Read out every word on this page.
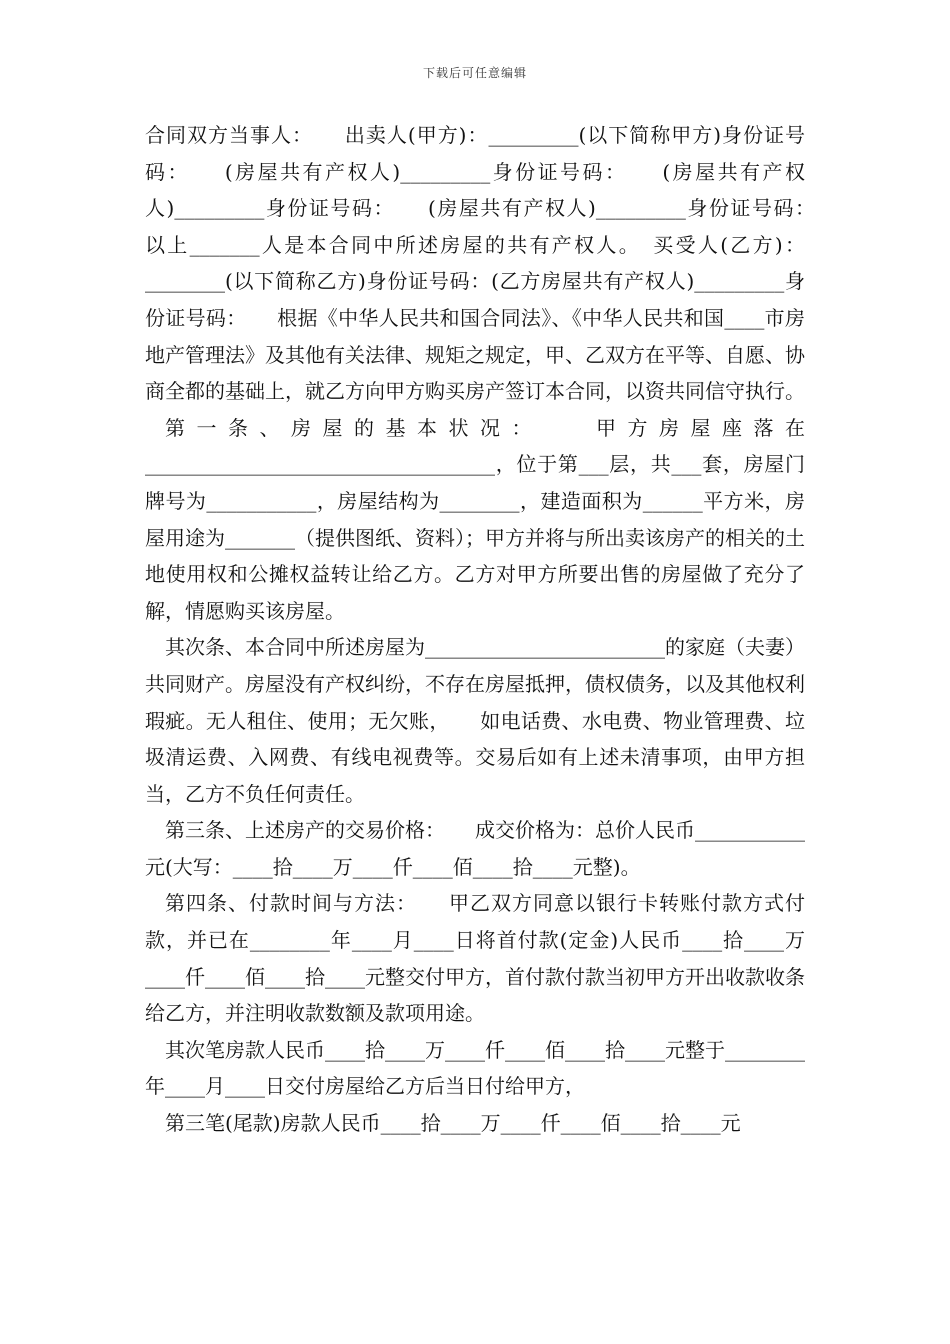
下载后可任意编辑

合同双方当事人：　　出卖人(甲方)：_________(以下简称甲方)身份证号码：　　(房屋共有产权人)_________身份证号码：　　(房屋共有产权人)_________身份证号码：　　(房屋共有产权人)_________身份证号码：　　以上_______人是本合同中所述房屋的共有产权人。　买受人(乙方)：________(以下简称乙方)身份证号码：(乙方房屋共有产权人)_________身份证号码：　　根据《中华人民共和国合同法》、《中华人民共和国____市房地产管理法》及其他有关法律、规矩之规定，甲、乙双方在平等、自愿、协商全都的基础上，就乙方向甲方购买房产签订本合同，以资共同信守执行。

第一条、房屋的基本状况：　　甲方房屋座落在___________________________________，位于第___层，共___套，房屋门牌号为___________，房屋结构为________，建造面积为______平方米，房屋用途为_______（提供图纸、资料）；甲方并将与所出卖该房产的相关的土地使用权和公摊权益转让给乙方。乙方对甲方所要出售的房屋做了充分了解，情愿购买该房屋。

其次条、本合同中所述房屋为________________________的家庭（夫妻）共同财产。房屋没有产权纠纷，不存在房屋抵押，债权债务，以及其他权利瑕疵。无人租住、使用；无欠账，　　如电话费、水电费、物业管理费、垃圾清运费、入网费、有线电视费等。交易后如有上述未清事项，由甲方担当，乙方不负任何责任。

第三条、上述房产的交易价格：　　成交价格为：总价人民币___________元(大写：____拾____万____仟____佰____拾____元整)。

第四条、付款时间与方法：　　甲乙双方同意以银行卡转账付款方式付款，并已在________年____月____日将首付款(定金)人民币____拾____万____仟____佰____拾____元整交付甲方，首付款付款当初甲方开出收款收条给乙方，并注明收款数额及款项用途。

其次笔房款人民币____拾____万____仟____佰____拾____元整于________年____月____日交付房屋给乙方后当日付给甲方，

第三笔(尾款)房款人民币____拾____万____仟____佰____拾____元
